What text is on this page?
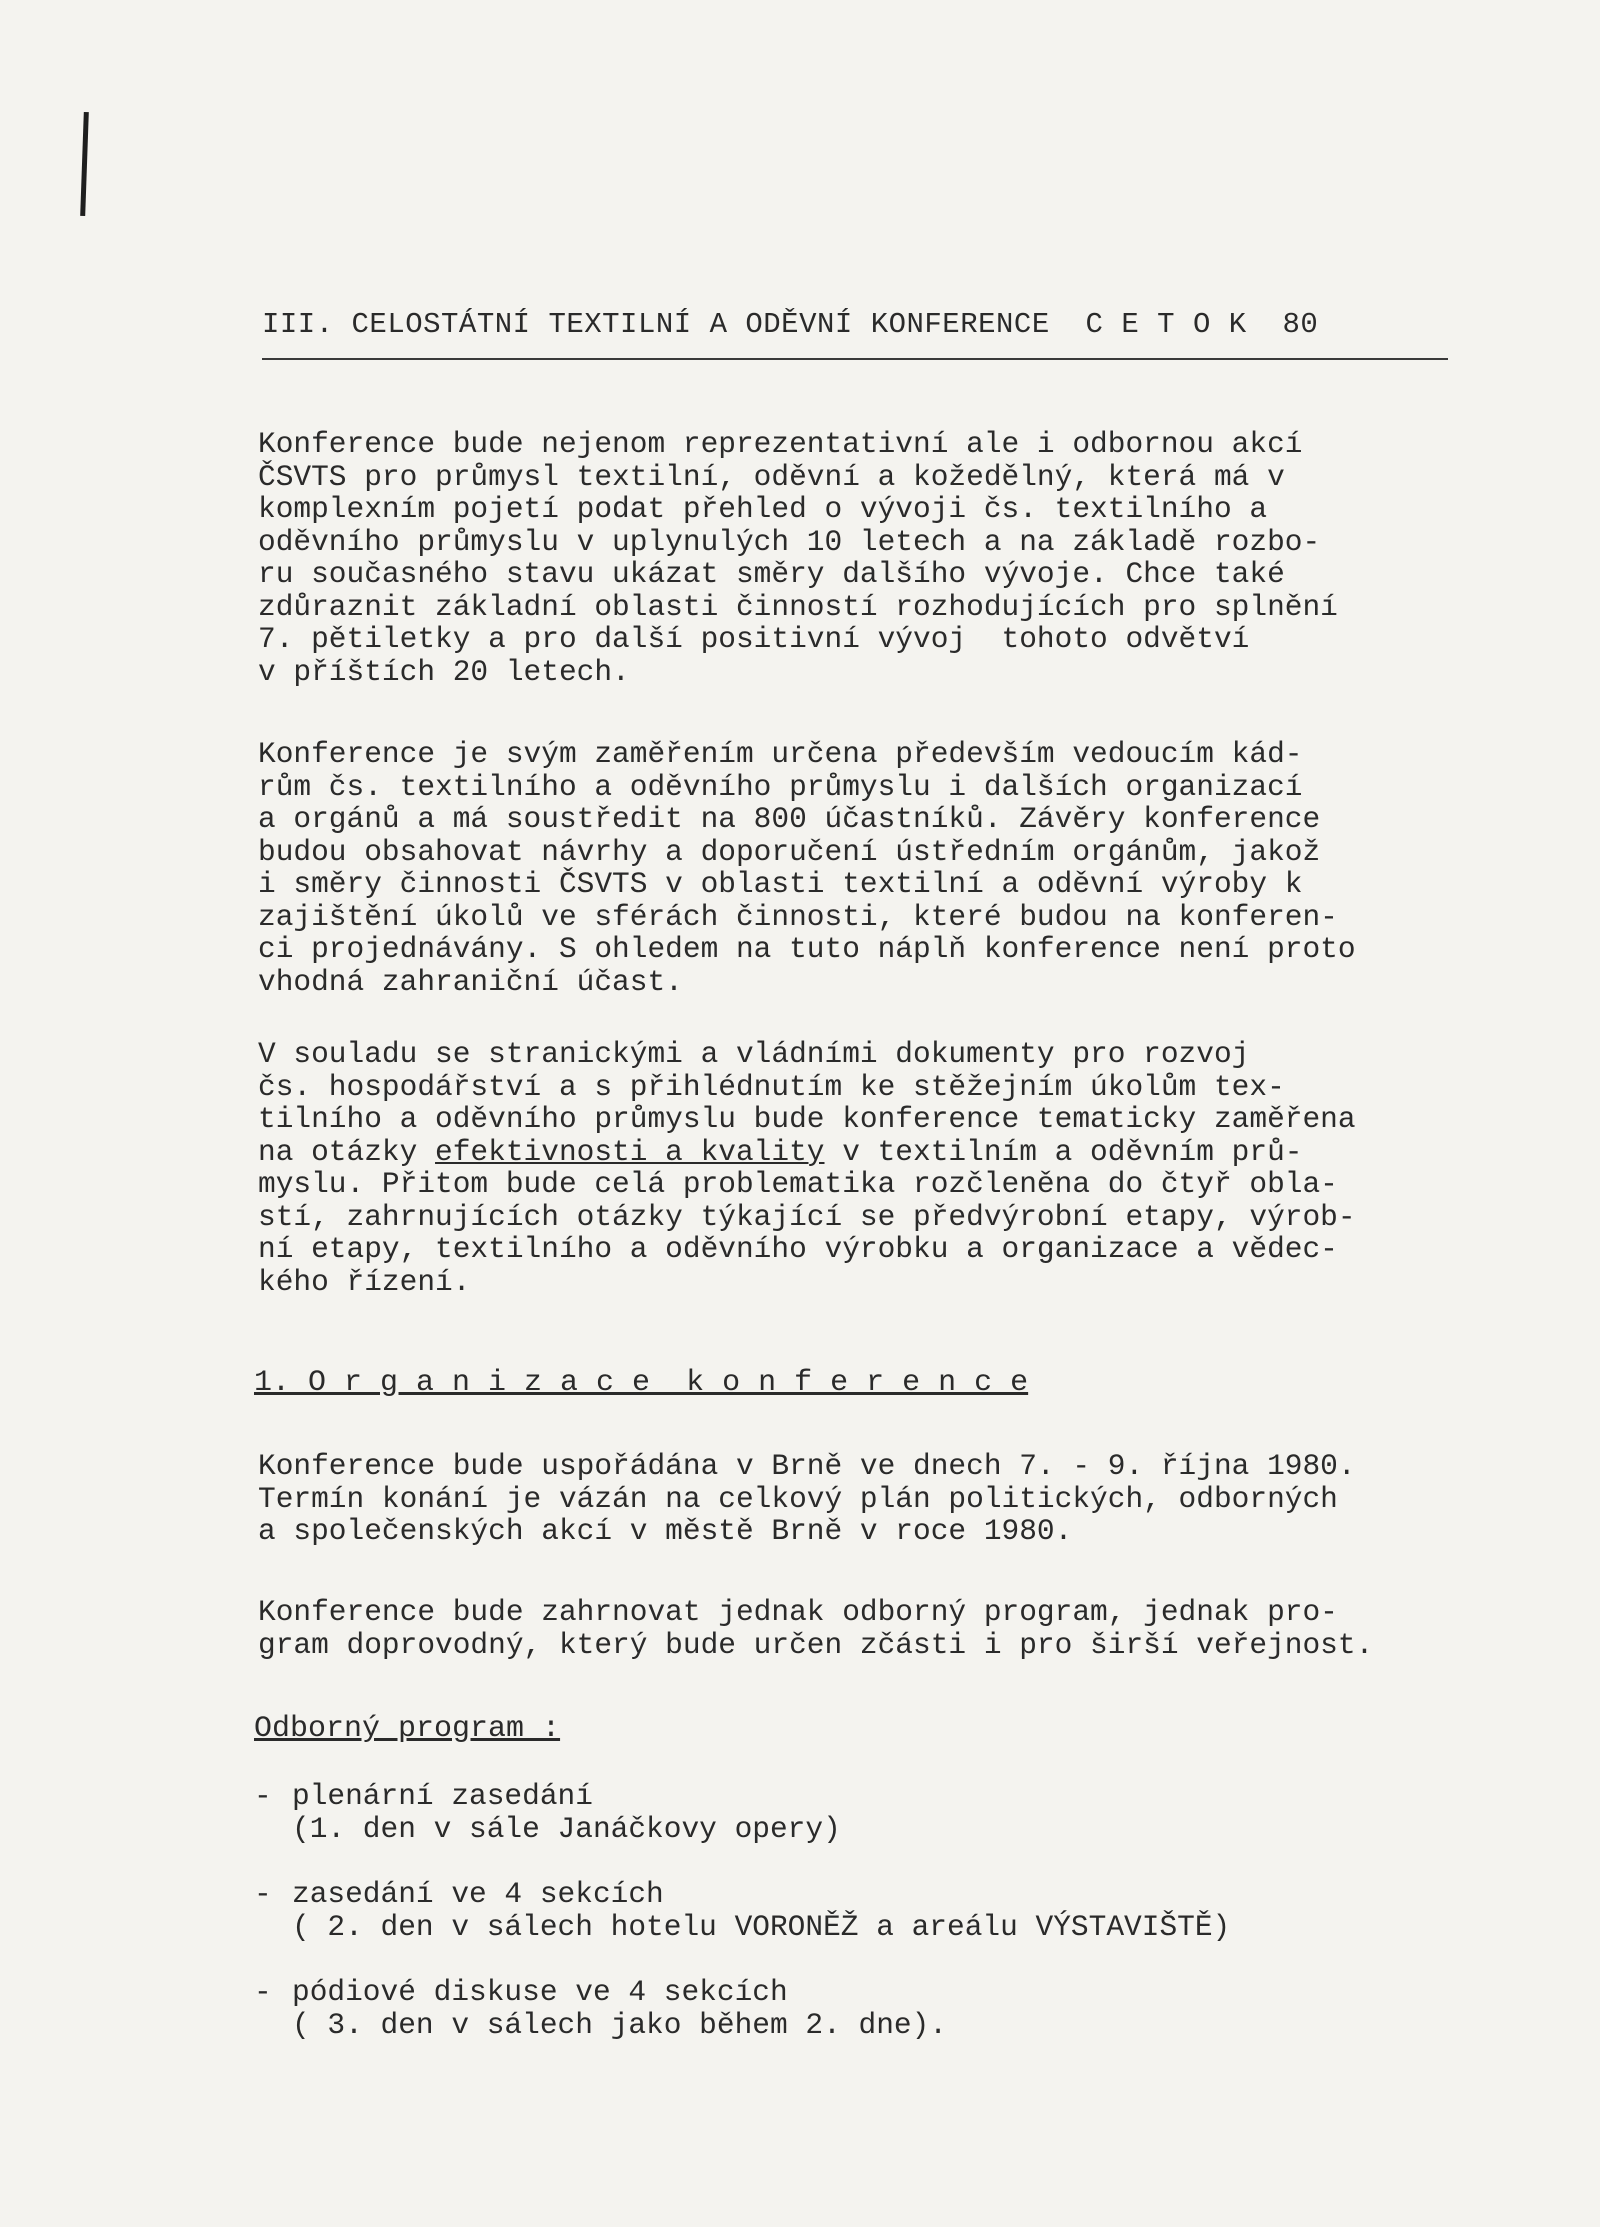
III. CELOSTÁTNÍ TEXTILNÍ A ODĚVNÍ KONFERENCE  C E T O K  80

Konference bude nejenom reprezentativní ale i odbornou akcí
ČSVTS pro průmysl textilní, oděvní a kožedělný, která má v
komplexním pojetí podat přehled o vývoji čs. textilního a
oděvního průmyslu v uplynulých 10 letech a na základě rozbo-
ru současného stavu ukázat směry dalšího vývoje. Chce také
zdůraznit základní oblasti činností rozhodujících pro splnění
7. pětiletky a pro další positivní vývoj  tohoto odvětví
v příštích 20 letech.

Konference je svým zaměřením určena především vedoucím kád-
rům čs. textilního a oděvního průmyslu i dalších organizací
a orgánů a má soustředit na 800 účastníků. Závěry konference
budou obsahovat návrhy a doporučení ústředním orgánům, jakož
i směry činnosti ČSVTS v oblasti textilní a oděvní výroby k
zajištění úkolů ve sférách činnosti, které budou na konferen-
ci projednávány. S ohledem na tuto náplň konference není proto
vhodná zahraniční účast.

V souladu se stranickými a vládními dokumenty pro rozvoj
čs. hospodářství a s přihlédnutím ke stěžejním úkolům tex-
tilního a oděvního průmyslu bude konference tematicky zaměřena
na otázky efektivnosti a kvality v textilním a oděvním prů-
myslu. Přitom bude celá problematika rozčleněna do čtyř obla-
stí, zahrnujících otázky týkající se předvýrobní etapy, výrob-
ní etapy, textilního a oděvního výrobku a organizace a vědec-
kého řízení.

1. O r g a n i z a c e  k o n f e r e n c e

Konference bude uspořádána v Brně ve dnech 7. - 9. října 1980.
Termín konání je vázán na celkový plán politických, odborných
a společenských akcí v městě Brně v roce 1980.

Konference bude zahrnovat jednak odborný program, jednak pro-
gram doprovodný, který bude určen zčásti i pro širší veřejnost.

Odborný program :
- plenární zasedání
(1. den v sále Janáčkovy opery)
- zasedání ve 4 sekcích
( 2. den v sálech hotelu VORONĚŽ a areálu VÝSTAVIŠTĚ)
- pódiové diskuse ve 4 sekcích
( 3. den v sálech jako během 2. dne).
